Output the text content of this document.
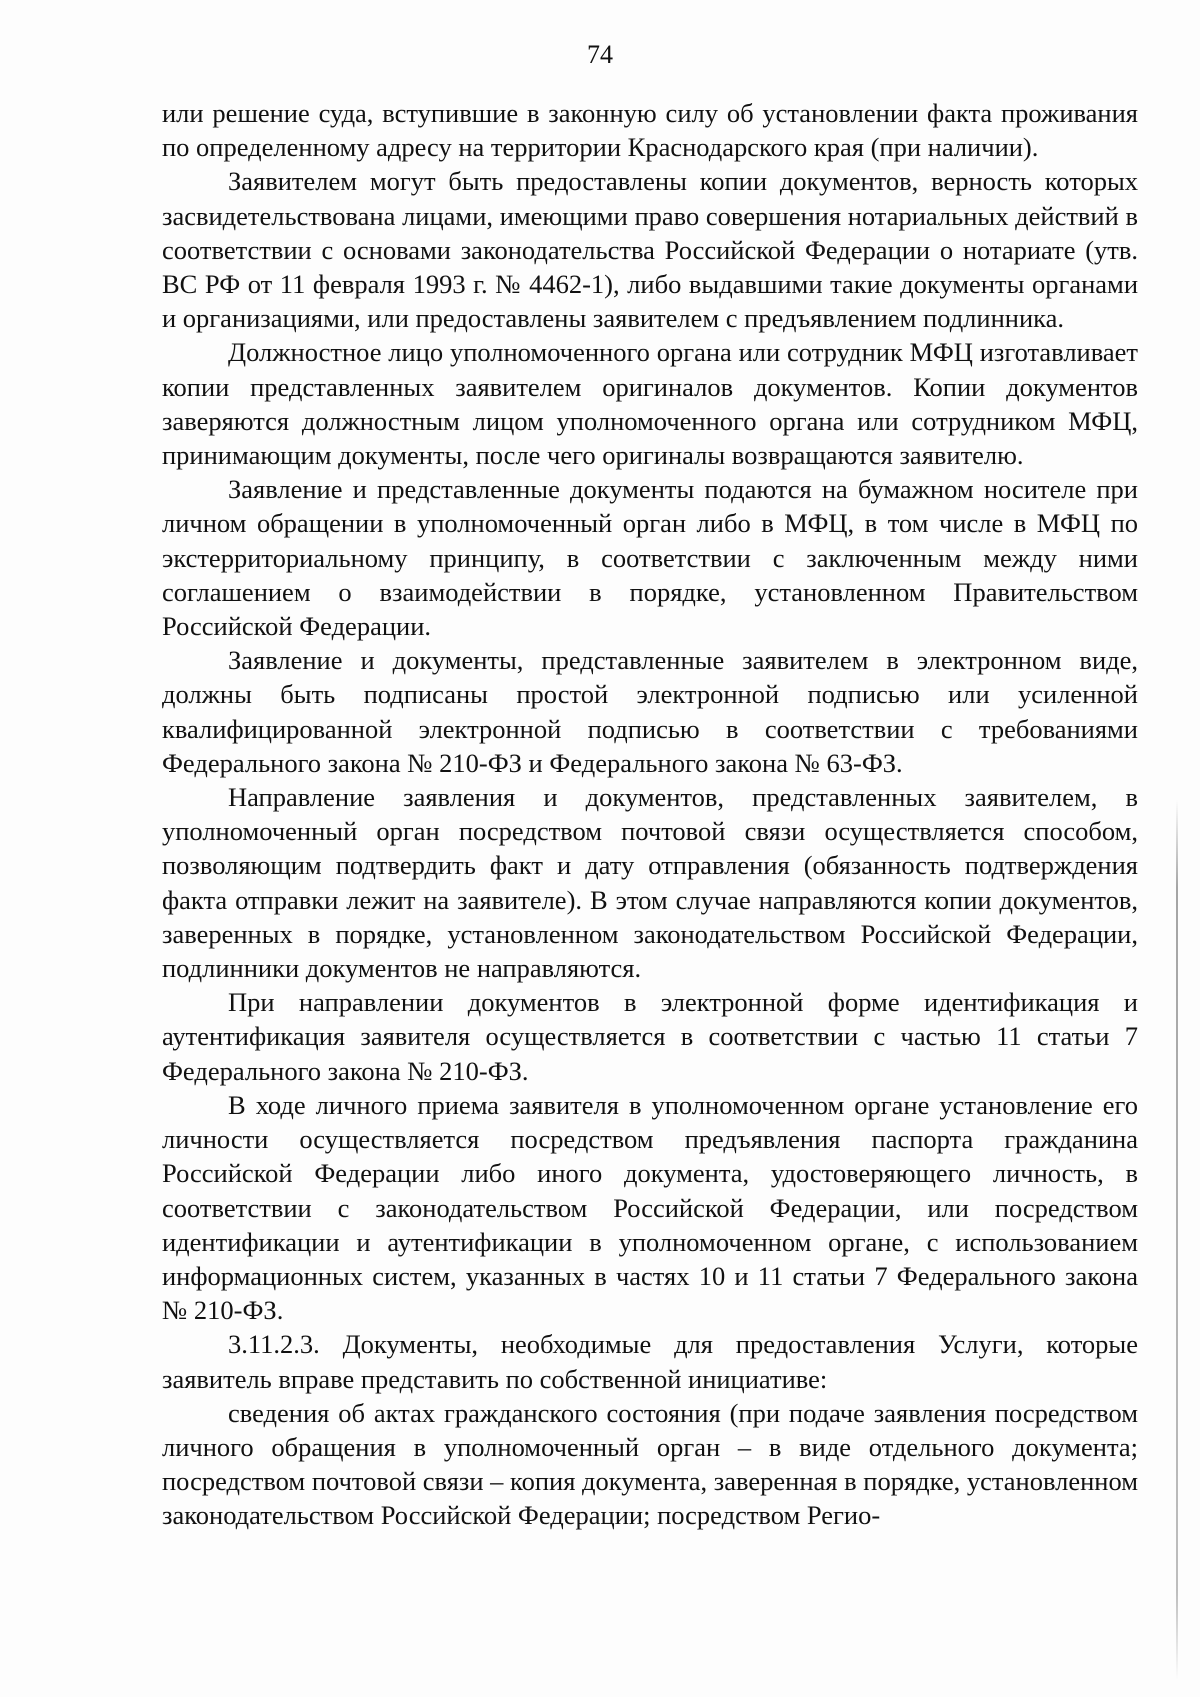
74

или решение суда, вступившие в законную силу об установлении факта проживания по определенному адресу на территории Краснодарского края (при наличии).

Заявителем могут быть предоставлены копии документов, верность которых засвидетельствована лицами, имеющими право совершения нотариальных действий в соответствии с основами законодательства Российской Федерации о нотариате (утв. ВС РФ от 11 февраля 1993 г. № 4462-1), либо выдавшими такие документы органами и организациями, или предоставлены заявителем с предъявлением подлинника.

Должностное лицо уполномоченного органа или сотрудник МФЦ изготавливает копии представленных заявителем оригиналов документов. Копии документов заверяются должностным лицом уполномоченного органа или сотрудником МФЦ, принимающим документы, после чего оригиналы возвращаются заявителю.

Заявление и представленные документы подаются на бумажном носителе при личном обращении в уполномоченный орган либо в МФЦ, в том числе в МФЦ по экстерриториальному принципу, в соответствии с заключенным между ними соглашением о взаимодействии в порядке, установленном Правительством Российской Федерации.

Заявление и документы, представленные заявителем в электронном виде, должны быть подписаны простой электронной подписью или усиленной квалифицированной электронной подписью в соответствии с требованиями Федерального закона № 210-ФЗ и Федерального закона № 63-ФЗ.

Направление заявления и документов, представленных заявителем, в уполномоченный орган посредством почтовой связи осуществляется способом, позволяющим подтвердить факт и дату отправления (обязанность подтверждения факта отправки лежит на заявителе). В этом случае направляются копии документов, заверенных в порядке, установленном законодательством Российской Федерации, подлинники документов не направляются.

При направлении документов в электронной форме идентификация и аутентификация заявителя осуществляется в соответствии с частью 11 статьи 7 Федерального закона № 210-ФЗ.

В ходе личного приема заявителя в уполномоченном органе установление его личности осуществляется посредством предъявления паспорта гражданина Российской Федерации либо иного документа, удостоверяющего личность, в соответствии с законодательством Российской Федерации, или посредством идентификации и аутентификации в уполномоченном органе, с использованием информационных систем, указанных в частях 10 и 11 статьи 7 Федерального закона № 210-ФЗ.

3.11.2.3. Документы, необходимые для предоставления Услуги, которые заявитель вправе представить по собственной инициативе:

сведения об актах гражданского состояния (при подаче заявления посредством личного обращения в уполномоченный орган – в виде отдельного документа; посредством почтовой связи – копия документа, заверенная в порядке, установленном законодательством Российской Федерации; посредством Регио-
